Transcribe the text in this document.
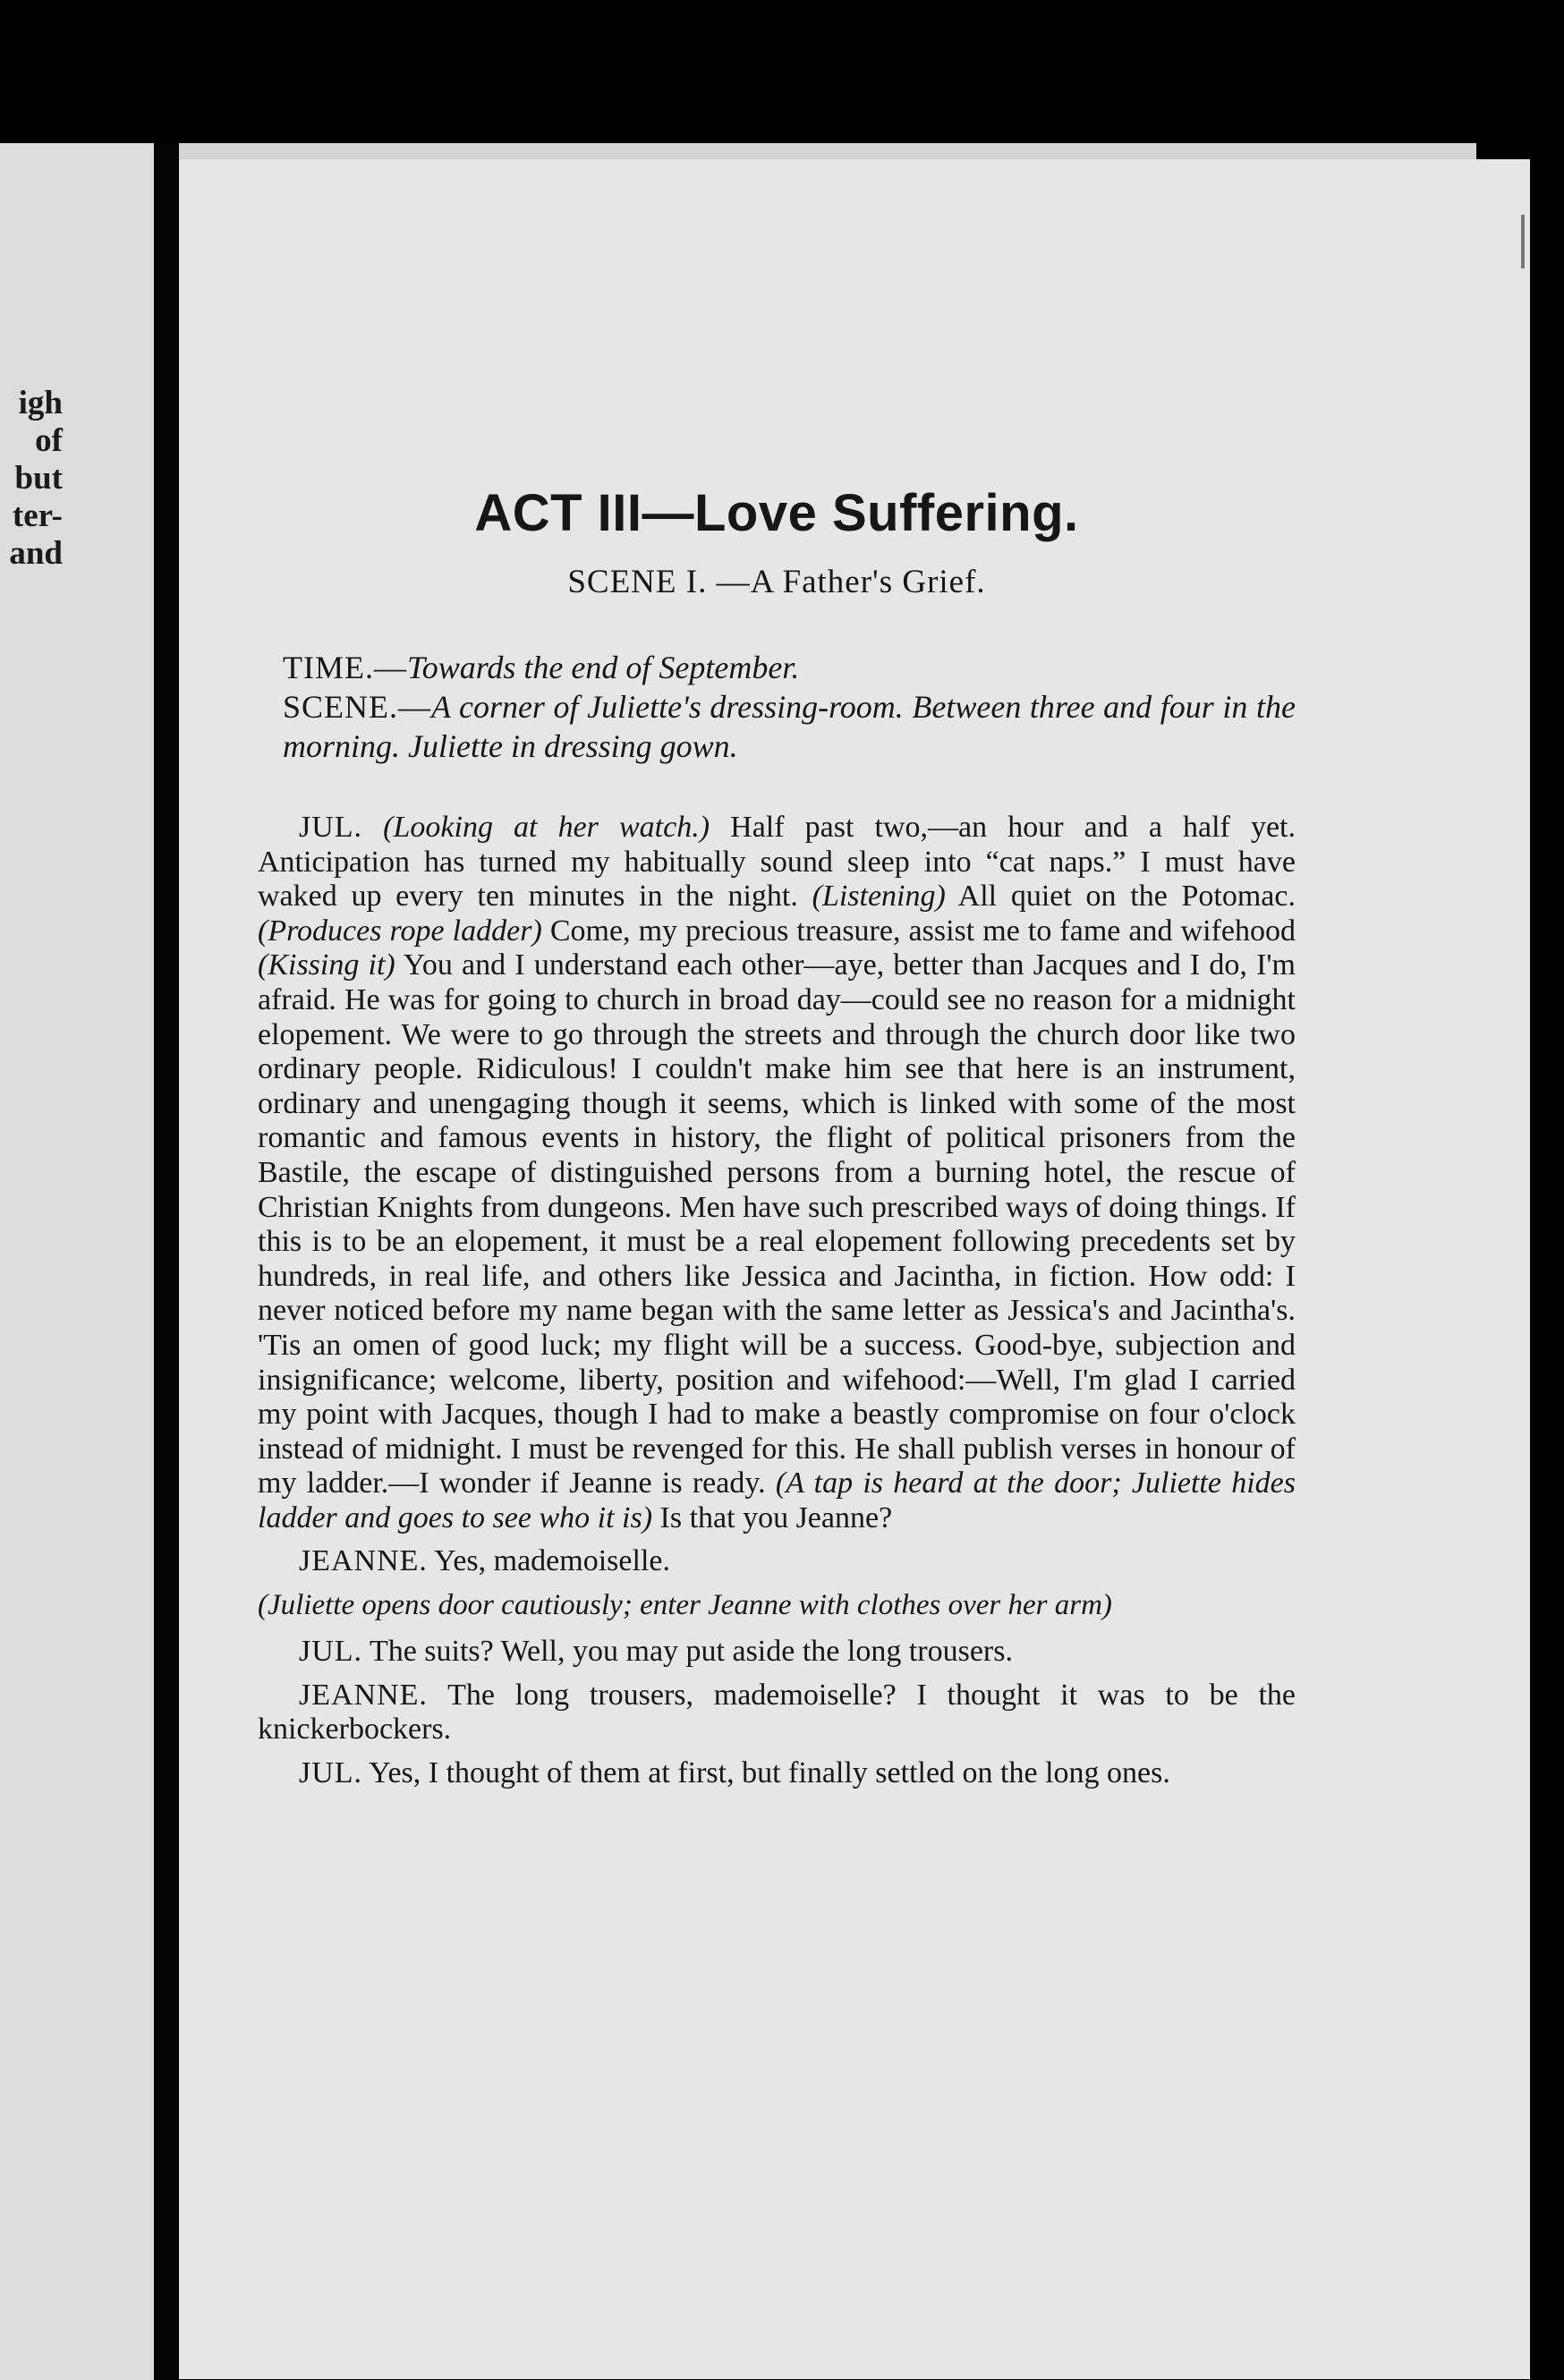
igh
of
but
ter-
and
ACT III—Love Suffering.
SCENE I. —A Father's Grief.

TIME.—Towards the end of September.

SCENE.—A corner of Juliette's dressing-room. Between three and four in the morning. Juliette in dressing gown.

JUL. (Looking at her watch.) Half past two,—an hour and a half yet. Anticipation has turned my habitually sound sleep into “cat naps.” I must have waked up every ten minutes in the night. (Listening) All quiet on the Potomac. (Produces rope ladder) Come, my precious treasure, assist me to fame and wifehood (Kissing it) You and I understand each other—aye, better than Jacques and I do, I'm afraid. He was for going to church in broad day—could see no reason for a midnight elopement. We were to go through the streets and through the church door like two ordinary people. Ridiculous! I couldn't make him see that here is an instrument, ordinary and unengaging though it seems, which is linked with some of the most romantic and famous events in history, the flight of political prisoners from the Bastile, the escape of distinguished persons from a burning hotel, the rescue of Christian Knights from dungeons. Men have such prescribed ways of doing things. If this is to be an elopement, it must be a real elopement following precedents set by hundreds, in real life, and others like Jessica and Jacintha, in fiction. How odd: I never noticed before my name began with the same letter as Jessica's and Jacintha's. 'Tis an omen of good luck; my flight will be a success. Good-bye, subjection and insignificance; welcome, liberty, position and wifehood:—Well, I'm glad I carried my point with Jacques, though I had to make a beastly compromise on four o'clock instead of midnight. I must be revenged for this. He shall publish verses in honour of my ladder.—I wonder if Jeanne is ready. (A tap is heard at the door; Juliette hides ladder and goes to see who it is) Is that you Jeanne?

JEANNE. Yes, mademoiselle.

(Juliette opens door cautiously; enter Jeanne with clothes over her arm)

JUL. The suits? Well, you may put aside the long trousers.

JEANNE. The long trousers, mademoiselle? I thought it was to be the knickerbockers.

JUL. Yes, I thought of them at first, but finally settled on the long ones.
